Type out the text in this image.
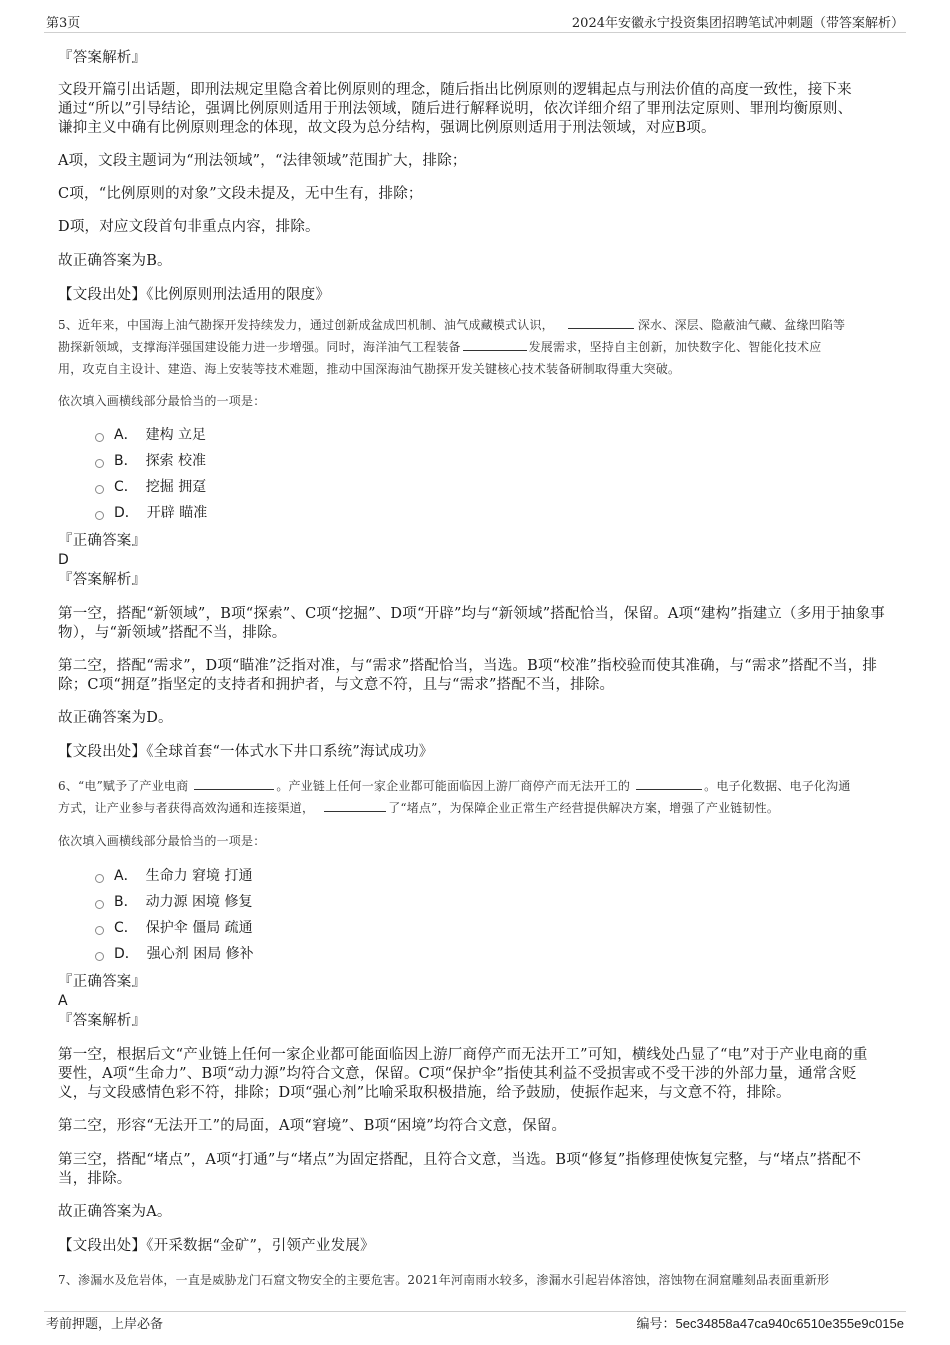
第3页	2024年安徽永宁投资集团招聘笔试冲刺题（带答案解析）
『答案解析』
文段开篇引出话题，即刑法规定里隐含着比例原则的理念，随后指出比例原则的逻辑起点与刑法价值的高度一致性，接下来
通过“所以”引导结论，强调比例原则适用于刑法领域，随后进行解释说明，依次详细介绍了罪刑法定原则、罪刑均衡原则、
谦抑主义中确有比例原则理念的体现，故文段为总分结构，强调比例原则适用于刑法领域，对应B项。
A项，文段主题词为“刑法领域”，“法律领域”范围扩大，排除；
C项，“比例原则的对象”文段未提及，无中生有，排除；
D项，对应文段首句非重点内容，排除。
故正确答案为B。
【文段出处】《比例原则刑法适用的限度》
5、近年来，中国海上油气勘探开发持续发力，通过创新成盆成凹机制、油气成藏模式认识，	深水、深层、隐蔽油气藏、盆缘凹陷等
勘探新领域，支撑海洋强国建设能力进一步增强。同时，海洋油气工程装备	发展需求，坚持自主创新，加快数字化、智能化技术应
用，攻克自主设计、建造、海上安装等技术难题，推动中国深海油气勘探开发关键核心技术装备研制取得重大突破。
依次填入画横线部分最恰当的一项是：
A． 建构 立足
B． 探索 校准
C． 挖掘 拥趸
D． 开辟 瞄准
『正确答案』
D
『答案解析』
第一空，搭配“新领域”，B项“探索”、C项“挖掘”、D项“开辟”均与“新领域”搭配恰当，保留。A项“建构”指建立（多用于抽象事
物），与“新领域”搭配不当，排除。
第二空，搭配“需求”，D项“瞄准”泛指对准，与“需求”搭配恰当，当选。B项“校准”指校验而使其准确，与“需求”搭配不当，排
除；C项“拥趸”指坚定的支持者和拥护者，与文意不符，且与“需求”搭配不当，排除。
故正确答案为D。
【文段出处】《全球首套“一体式水下井口系统”海试成功》
6、“电”赋予了产业电商	。产业链上任何一家企业都可能面临因上游厂商停产而无法开工的	。电子化数据、电子化沟通
方式，让产业参与者获得高效沟通和连接渠道，	了“堵点”，为保障企业正常生产经营提供解决方案，增强了产业链韧性。
依次填入画横线部分最恰当的一项是：
A． 生命力 窘境 打通
B． 动力源 困境 修复
C． 保护伞 僵局 疏通
D． 强心剂 困局 修补
『正确答案』
A
『答案解析』
第一空，根据后文“产业链上任何一家企业都可能面临因上游厂商停产而无法开工”可知，横线处凸显了“电”对于产业电商的重
要性，A项“生命力”、B项“动力源”均符合文意，保留。C项“保护伞”指使其利益不受损害或不受干涉的外部力量，通常含贬
义，与文段感情色彩不符，排除；D项“强心剂”比喻采取积极措施，给予鼓励，使振作起来，与文意不符，排除。
第二空，形容“无法开工”的局面，A项“窘境”、B项“困境”均符合文意，保留。
第三空，搭配“堵点”，A项“打通”与“堵点”为固定搭配，且符合文意，当选。B项“修复”指修理使恢复完整，与“堵点”搭配不
当，排除。
故正确答案为A。
【文段出处】《开采数据“金矿”，引领产业发展》
7、渗漏水及危岩体，一直是威胁龙门石窟文物安全的主要危害。2021年河南雨水较多，渗漏水引起岩体溶蚀，溶蚀物在洞窟雕刻品表面重新形
考前押题，上岸必备	编号：5ec34858a47ca940c6510e355e9c015e
